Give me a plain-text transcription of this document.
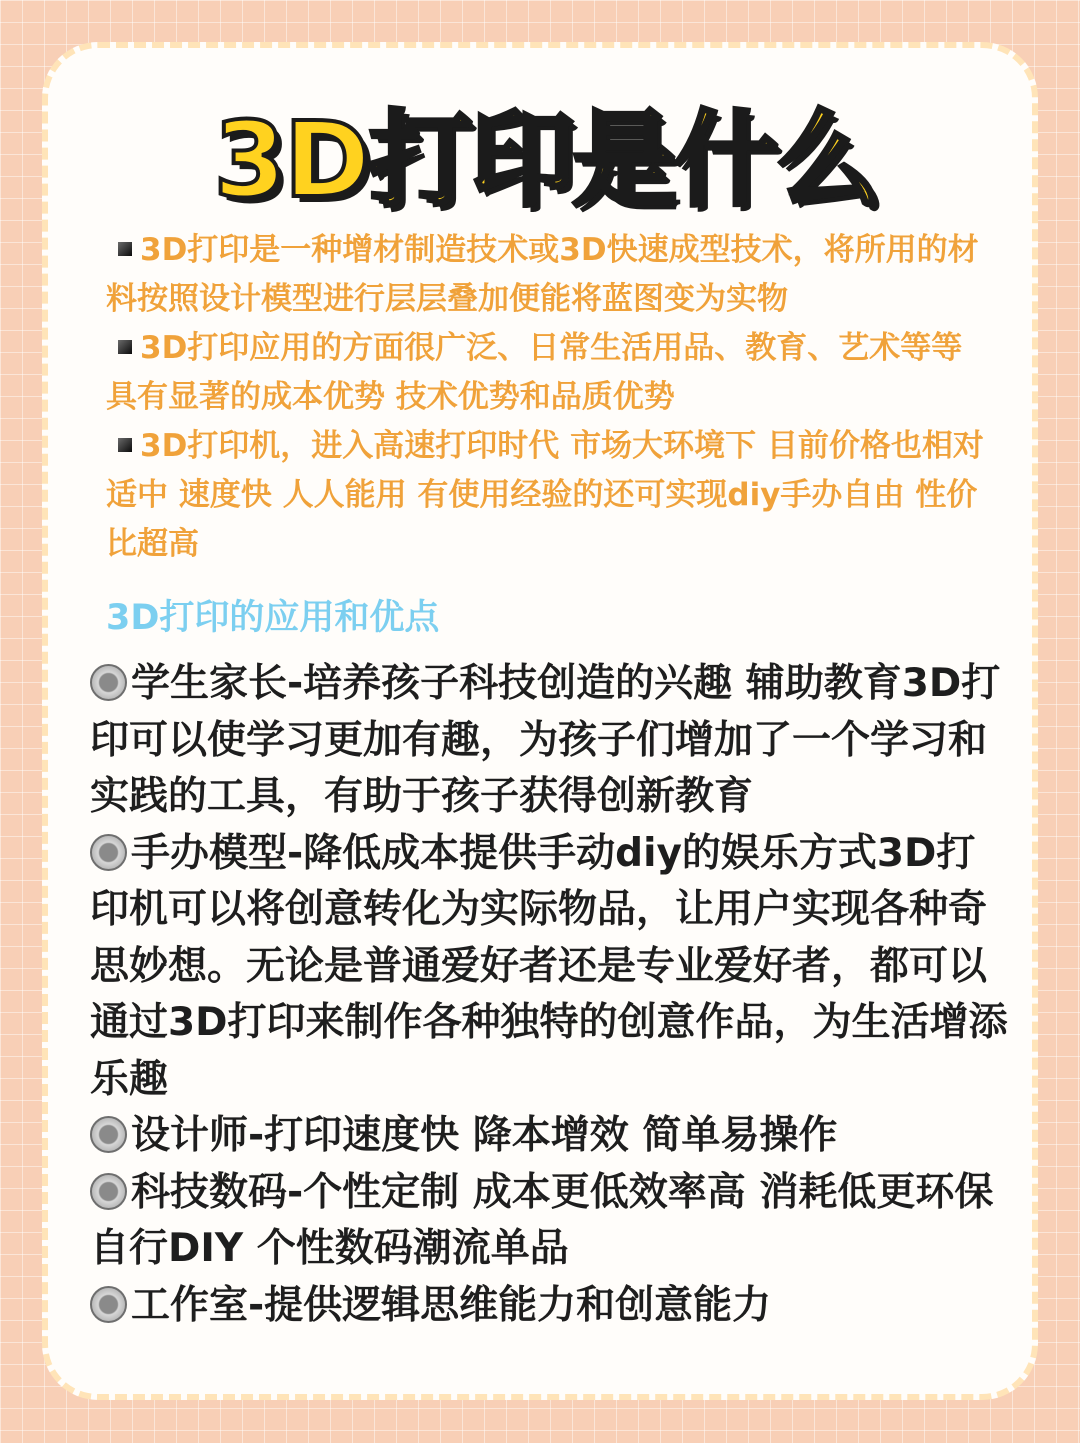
3D打印是什么
3D打印是一种增材制造技术或3D快速成型技术，将所用的材料按照设计模型进行层层叠加便能将蓝图变为实物
3D打印应用的方面很广泛、日常生活用品、教育、艺术等等具有显著的成本优势 技术优势和品质优势
3D打印机，进入高速打印时代 市场大环境下 目前价格也相对适中 速度快 人人能用 有使用经验的还可实现diy手办自由 性价比超高
3D打印的应用和优点
学生家长-培养孩子科技创造的兴趣 辅助教育3D打印可以使学习更加有趣，为孩子们增加了一个学习和实践的工具，有助于孩子获得创新教育
手办模型-降低成本提供手动diy的娱乐方式3D打印机可以将创意转化为实际物品，让用户实现各种奇思妙想。无论是普通爱好者还是专业爱好者，都可以通过3D打印来制作各种独特的创意作品，为生活增添乐趣
设计师-打印速度快 降本增效 简单易操作
科技数码-个性定制 成本更低效率高 消耗低更环保 自行DIY 个性数码潮流单品
工作室-提供逻辑思维能力和创意能力
